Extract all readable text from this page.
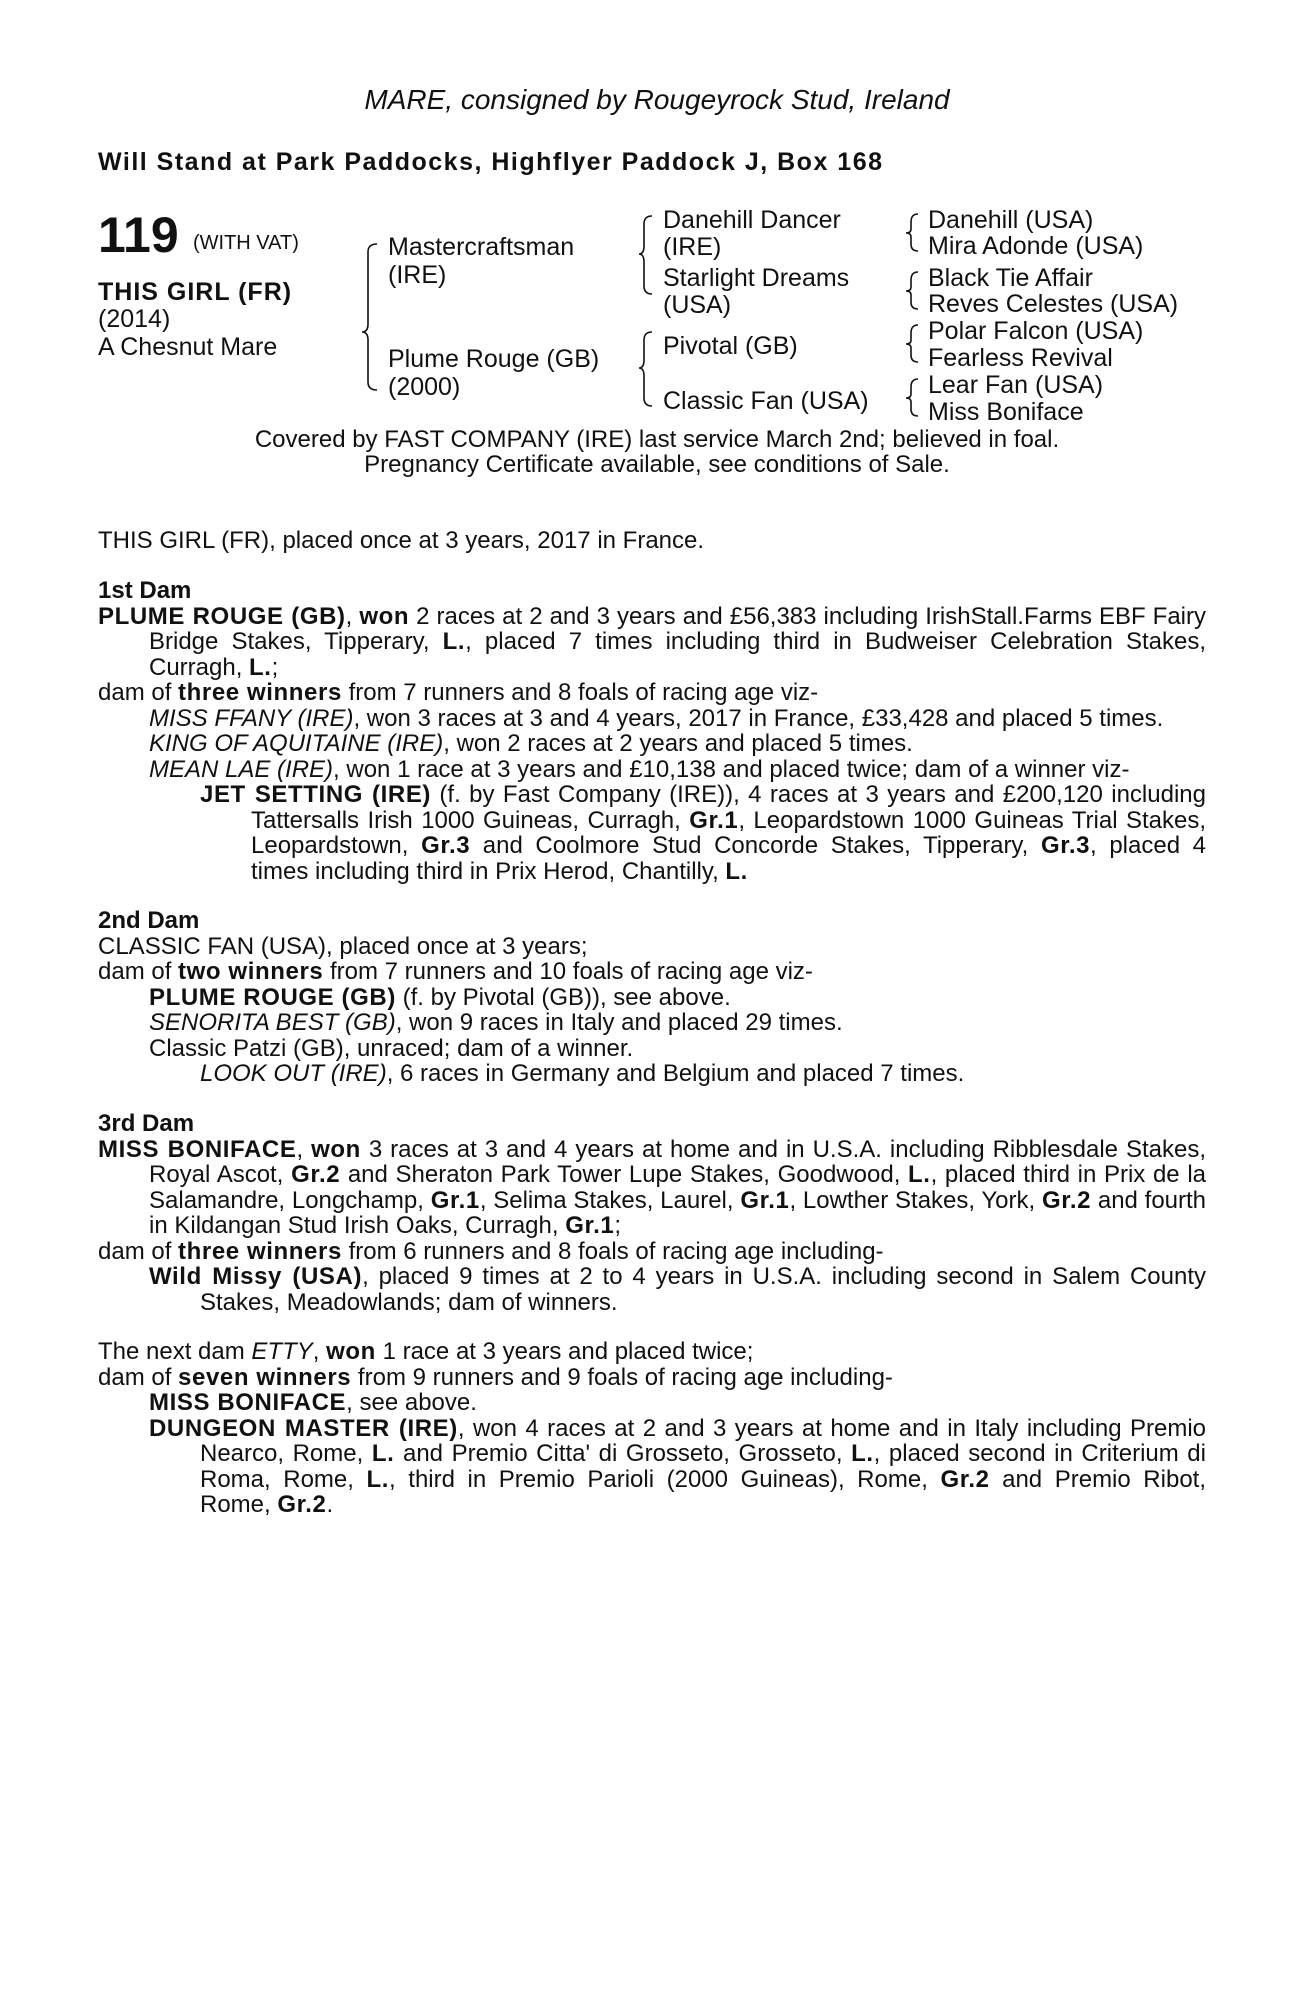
MARE, consigned by Rougeyrock Stud, Ireland
Will Stand at Park Paddocks, Highflyer Paddock J, Box 168
119 (WITH VAT)
THIS GIRL (FR)
(2014)
A Chesnut Mare
Mastercraftsman
(IRE)
Plume Rouge (GB)
(2000)
Danehill Dancer
(IRE)
Starlight Dreams
(USA)
Pivotal (GB)
Classic Fan (USA)
Danehill (USA)
Mira Adonde (USA)
Black Tie Affair
Reves Celestes (USA)
Polar Falcon (USA)
Fearless Revival
Lear Fan (USA)
Miss Boniface
Covered by FAST COMPANY (IRE) last service March 2nd; believed in foal.
Pregnancy Certificate available, see conditions of Sale.

THIS GIRL (FR), placed once at 3 years, 2017 in France.

1st Dam

PLUME ROUGE (GB), won 2 races at 2 and 3 years and £56,383 including IrishStall.Farms EBF Fairy Bridge Stakes, Tipperary, L., placed 7 times including third in Budweiser Celebration Stakes, Curragh, L.;

dam of three winners from 7 runners and 8 foals of racing age viz-

MISS FFANY (IRE), won 3 races at 3 and 4 years, 2017 in France, £33,428 and placed 5 times.

KING OF AQUITAINE (IRE), won 2 races at 2 years and placed 5 times.

MEAN LAE (IRE), won 1 race at 3 years and £10,138 and placed twice; dam of a winner viz-

JET SETTING (IRE) (f. by Fast Company (IRE)), 4 races at 3 years and £200,120 including Tattersalls Irish 1000 Guineas, Curragh, Gr.1, Leopardstown 1000 Guineas Trial Stakes, Leopardstown, Gr.3 and Coolmore Stud Concorde Stakes, Tipperary, Gr.3, placed 4 times including third in Prix Herod, Chantilly, L.

2nd Dam

CLASSIC FAN (USA), placed once at 3 years;

dam of two winners from 7 runners and 10 foals of racing age viz-

PLUME ROUGE (GB) (f. by Pivotal (GB)), see above.

SENORITA BEST (GB), won 9 races in Italy and placed 29 times.

Classic Patzi (GB), unraced; dam of a winner.

LOOK OUT (IRE), 6 races in Germany and Belgium and placed 7 times.

3rd Dam

MISS BONIFACE, won 3 races at 3 and 4 years at home and in U.S.A. including Ribblesdale Stakes, Royal Ascot, Gr.2 and Sheraton Park Tower Lupe Stakes, Goodwood, L., placed third in Prix de la Salamandre, Longchamp, Gr.1, Selima Stakes, Laurel, Gr.1, Lowther Stakes, York, Gr.2 and fourth in Kildangan Stud Irish Oaks, Curragh, Gr.1;

dam of three winners from 6 runners and 8 foals of racing age including-

Wild Missy (USA), placed 9 times at 2 to 4 years in U.S.A. including second in Salem County Stakes, Meadowlands; dam of winners.

The next dam ETTY, won 1 race at 3 years and placed twice;

dam of seven winners from 9 runners and 9 foals of racing age including-

MISS BONIFACE, see above.

DUNGEON MASTER (IRE), won 4 races at 2 and 3 years at home and in Italy including Premio Nearco, Rome, L. and Premio Citta' di Grosseto, Grosseto, L., placed second in Criterium di Roma, Rome, L., third in Premio Parioli (2000 Guineas), Rome, Gr.2 and Premio Ribot, Rome, Gr.2.
